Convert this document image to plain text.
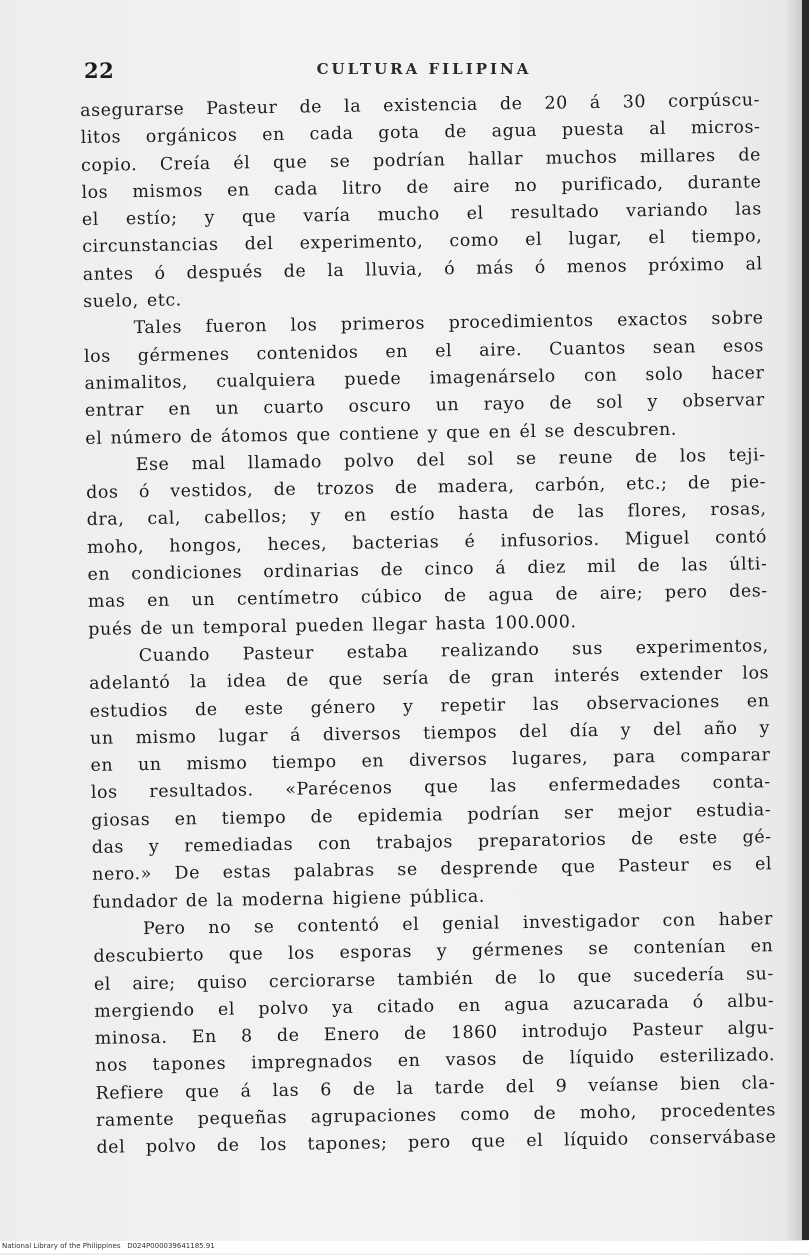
22	CULTURA FILIPINA
asegurarse Pasteur de la existencia de 20 á 30 corpúscu-
litos orgánicos en cada gota de agua puesta al micros-
copio. Creía él que se podrían hallar muchos millares de
los mismos en cada litro de aire no purificado, durante
el estío; y que varía mucho el resultado variando las
circunstancias del experimento, como el lugar, el tiempo,
antes ó después de la lluvia, ó más ó menos próximo al
suelo, etc.
Tales fueron los primeros procedimientos exactos sobre
los gérmenes contenidos en el aire. Cuantos sean esos
animalitos, cualquiera puede imagenárselo con solo hacer
entrar en un cuarto oscuro un rayo de sol y observar
el número de átomos que contiene y que en él se descubren.
Ese mal llamado polvo del sol se reune de los teji-
dos ó vestidos, de trozos de madera, carbón, etc.; de pie-
dra, cal, cabellos; y en estío hasta de las flores, rosas,
moho, hongos, heces, bacterias é infusorios. Miguel contó
en condiciones ordinarias de cinco á diez mil de las últi-
mas en un centímetro cúbico de agua de aire; pero des-
pués de un temporal pueden llegar hasta 100.000.
Cuando Pasteur estaba realizando sus experimentos,
adelantó la idea de que sería de gran interés extender los
estudios de este género y repetir las observaciones en
un mismo lugar á diversos tiempos del día y del año y
en un mismo tiempo en diversos lugares, para comparar
los resultados. «Parécenos que las enfermedades conta-
giosas en tiempo de epidemia podrían ser mejor estudia-
das y remediadas con trabajos preparatorios de este gé-
nero.» De estas palabras se desprende que Pasteur es el
fundador de la moderna higiene pública.
Pero no se contentó el genial investigador con haber
descubierto que los esporas y gérmenes se contenían en
el aire; quiso cerciorarse también de lo que sucedería su-
mergiendo el polvo ya citado en agua azucarada ó albu-
minosa. En 8 de Enero de 1860 introdujo Pasteur algu-
nos tapones impregnados en vasos de líquido esterilizado.
Refiere que á las 6 de la tarde del 9 veíanse bien cla-
ramente pequeñas agrupaciones como de moho, procedentes
del polvo de los tapones; pero que el líquido conservábase
National Library of the Philippines D024P000039641185.91
